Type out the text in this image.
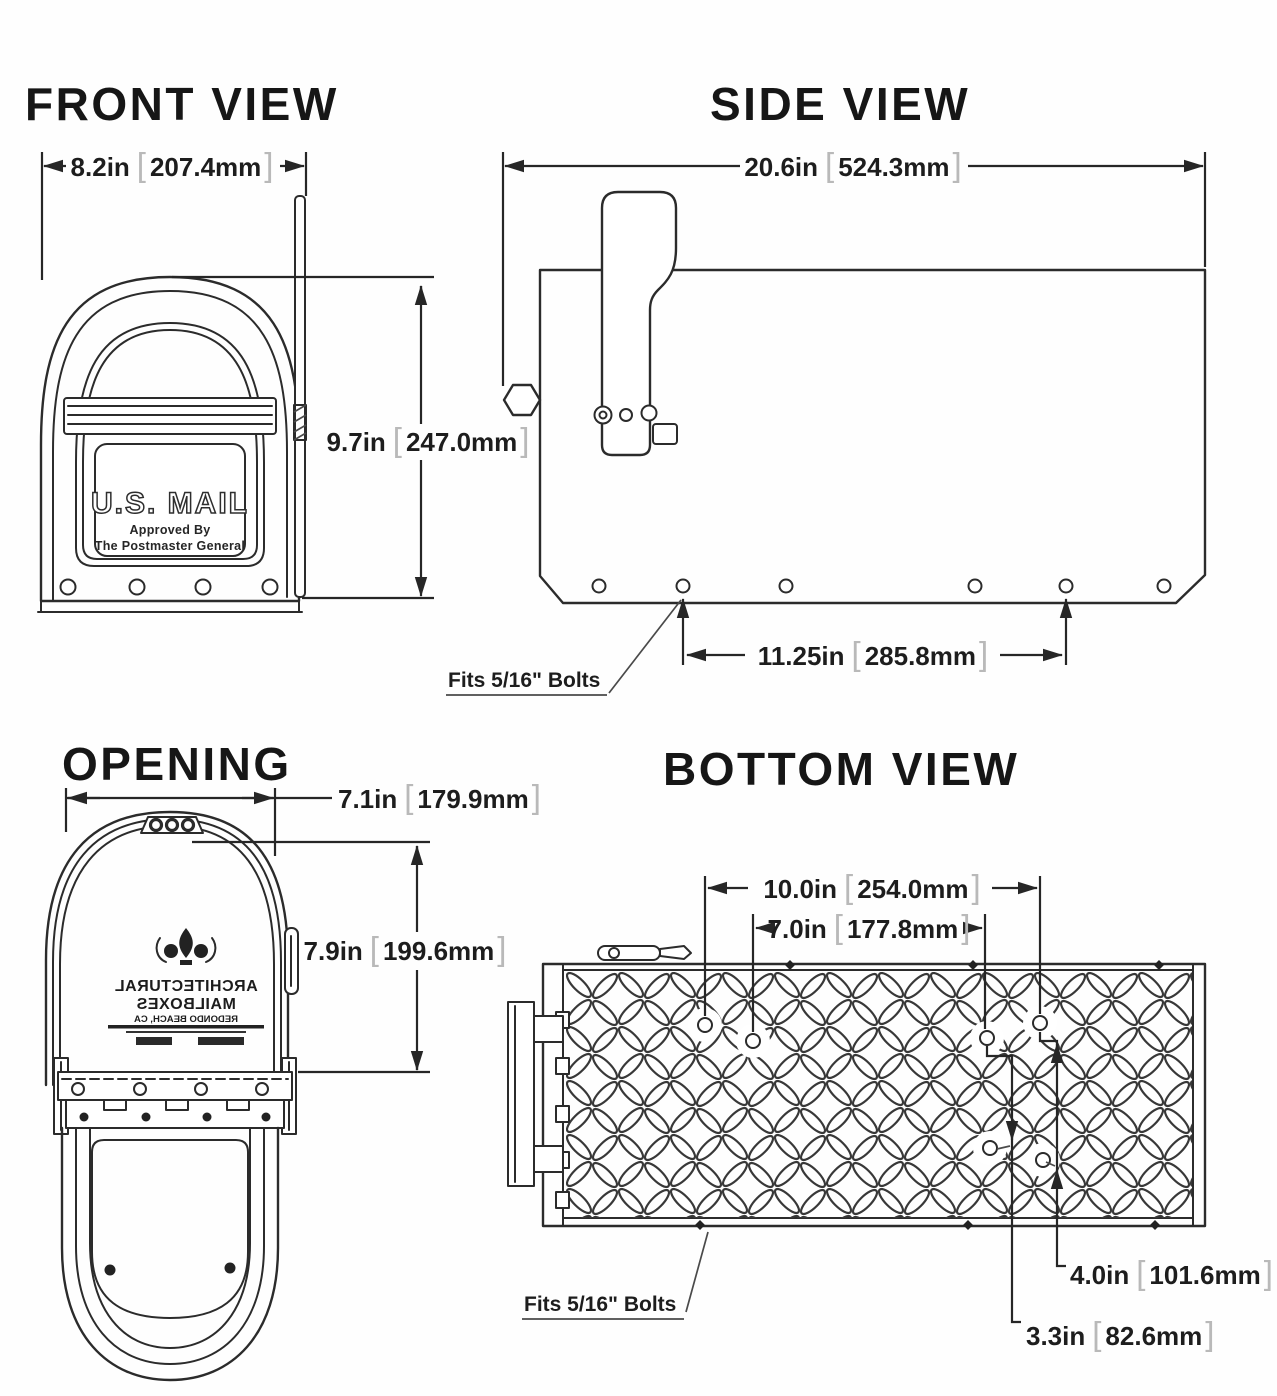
FRONT VIEW
8.2in [ 207.4mm]
U.S. MAIL
Approved By
The Postmaster General
9.7in [ 247.0mm]
SIDE VIEW
20.6in [ 524.3mm]
11.25in [ 285.8mm]
Fits 5/16" Bolts
OPENING
7.1in [ 179.9mm]
ARCHITECTURAL
MAILBOXES
REDONDO BEACH, CA
7.9in [ 199.6mm]
BOTTOM VIEW
10.0in [ 254.0mm]
7.0in [ 177.8mm]
3.3in [ 82.6mm]
4.0in [ 101.6mm]
Fits 5/16" Bolts
